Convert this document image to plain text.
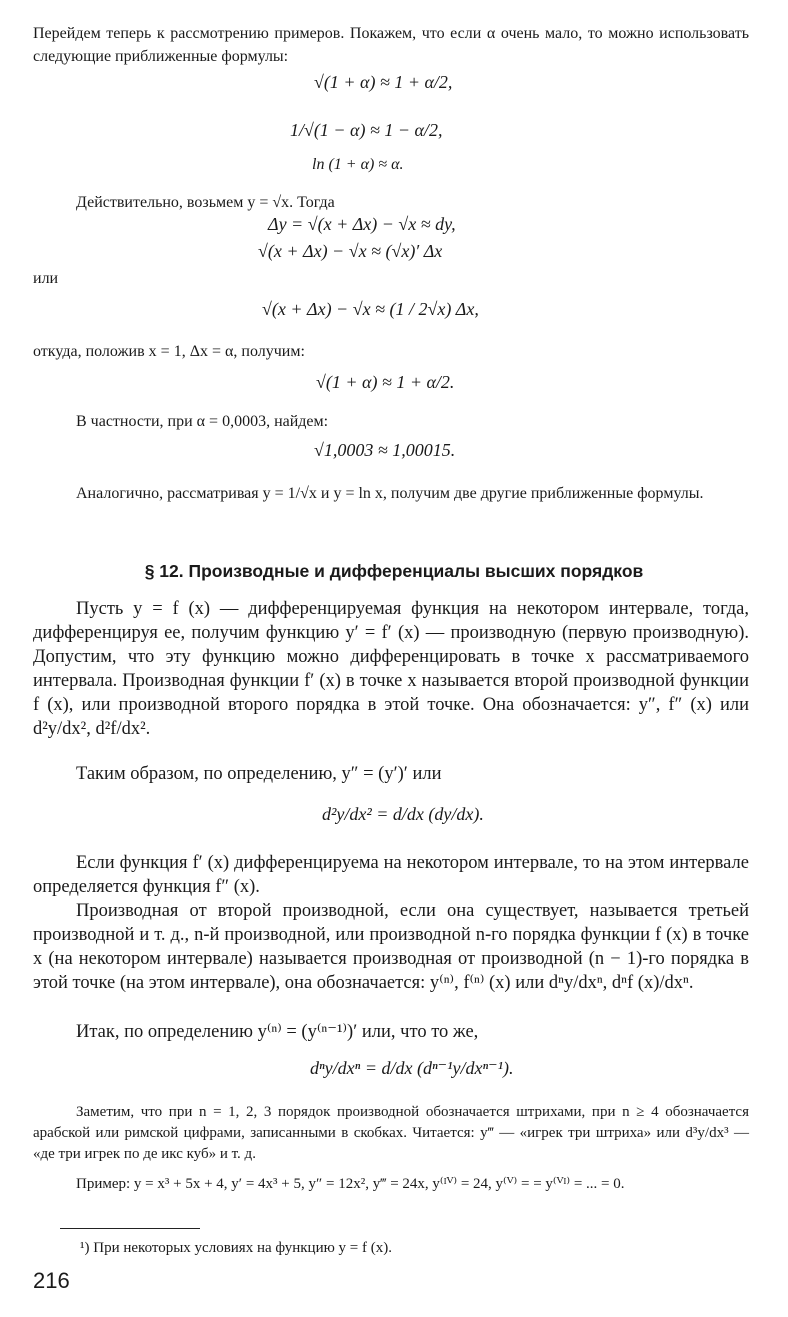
Перейдем теперь к рассмотрению примеров. Покажем, что если α очень мало, то можно использовать следующие приближенные формулы:
√(1 + α) ≈ 1 + α/2,
1/√(1 − α) ≈ 1 − α/2,
ln (1 + α) ≈ α.
Действительно, возьмем y = √x. Тогда
Δy = √(x + Δx) − √x ≈ dy,
√(x + Δx) − √x ≈ (√x)′ Δx
или
√(x + Δx) − √x ≈ (1 / 2√x) Δx,
откуда, положив x = 1, Δx = α, получим:
√(1 + α) ≈ 1 + α/2.
В частности, при α = 0,0003, найдем:
√1,0003 ≈ 1,00015.
Аналогично, рассматривая y = 1/√x и y = ln x, получим две другие приближенные формулы.
§ 12. Производные и дифференциалы высших порядков
Пусть y = f (x) — дифференцируемая функция на некотором интервале, тогда, дифференцируя ее, получим функцию y′ = f′ (x) — производную (первую производную). Допустим, что эту функцию можно дифференцировать в точке x рассматриваемого интервала. Производная функции f′ (x) в точке x называется второй производной функции f (x), или производной второго порядка в этой точке. Она обозначается: y″, f″ (x) или d²y/dx², d²f/dx².
Таким образом, по определению, y″ = (y′)′ или
d²y/dx² = d/dx (dy/dx).
Если функция f′ (x) дифференцируема на некотором интервале, то на этом интервале определяется функция f″ (x).
Производная от второй производной, если она существует, называется третьей производной и т. д., n-й производной, или производной n-го порядка функции f (x) в точке x (на некотором интервале) называется производная от производной (n − 1)-го порядка в этой точке (на этом интервале), она обозначается: y⁽ⁿ⁾, f⁽ⁿ⁾ (x) или dⁿy/dxⁿ, dⁿf (x)/dxⁿ.
Итак, по определению y⁽ⁿ⁾ = (y⁽ⁿ⁻¹⁾)′ или, что то же,
dⁿy/dxⁿ = d/dx (dⁿ⁻¹y/dxⁿ⁻¹).
Заметим, что при n = 1, 2, 3 порядок производной обозначается штрихами, при n ≥ 4 обозначается арабской или римской цифрами, записанными в скобках. Читается: y‴ — «игрек три штриха» или d³y/dx³ — «де три игрек по де икс куб» и т. д.
Пример: y = x³ + 5x + 4, y′ = 4x³ + 5, y″ = 12x², y‴ = 24x, y⁽ᴵⱽ⁾ = 24, y⁽ⱽ⁾ = = y⁽ⱽᴵ⁾ = ... = 0.
¹) При некоторых условиях на функцию y = f (x).
216
